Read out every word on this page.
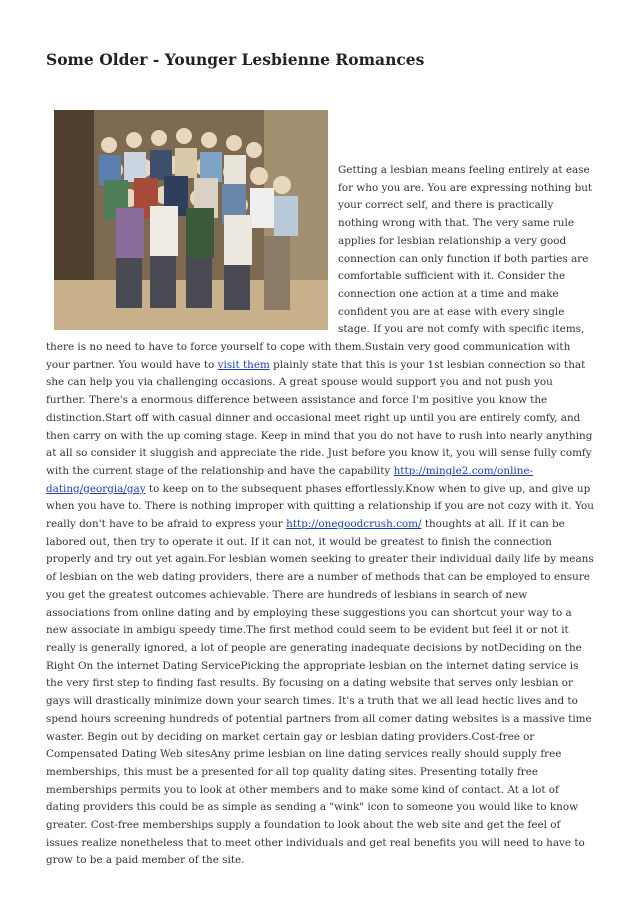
Some Older - Younger Lesbienne Romances
Getting a lesbian means feeling entirely at ease for who you are. You are expressing nothing but your correct self, and there is practically nothing wrong with that. The very same rule applies for lesbian relationship a very good connection can only function if both parties are comfortable sufficient with it. Consider the connection one action at a time and make confident you are at ease with every single stage. If you are not comfy with specific items, there is no need to have to force yourself to cope with them.Sustain very good communication with your partner. You would have to visit them plainly state that this is your 1st lesbian connection so that she can help you via challenging occasions. A great spouse would support you and not push you further. There's a enormous difference between assistance and force I'm positive you know the distinction.Start off with casual dinner and occasional meet right up until you are entirely comfy, and then carry on with the up coming stage. Keep in mind that you do not have to rush into nearly anything at all so consider it sluggish and appreciate the ride. Just before you know it, you will sense fully comfy with the current stage of the relationship and have the capability http://mingle2.com/online-dating/georgia/gay to keep on to the subsequent phases effortlessly.Know when to give up, and give up when you have to. There is nothing improper with quitting a relationship if you are not cozy with it. You really don't have to be afraid to express your http://onegoodcrush.com/ thoughts at all. If it can be labored out, then try to operate it out. If it can not, it would be greatest to finish the connection properly and try out yet again.For lesbian women seeking to greater their individual daily life by means of lesbian on the web dating providers, there are a number of methods that can be employed to ensure you get the greatest outcomes achievable. There are hundreds of lesbians in search of new associations from online dating and by employing these suggestions you can shortcut your way to a new associate in ambigu speedy time.The first method could seem to be evident but feel it or not it really is generally ignored, a lot of people are generating inadequate decisions by notDeciding on the Right On the internet Dating ServicePicking the appropriate lesbian on the internet dating service is the very first step to finding fast results. By focusing on a dating website that serves only lesbian or gays will drastically minimize down your search times. It's a truth that we all lead hectic lives and to spend hours screening hundreds of potential partners from all comer dating websites is a massive time waster. Begin out by deciding on market certain gay or lesbian dating providers.Cost-free or Compensated Dating Web sitesAny prime lesbian on line dating services really should supply free memberships, this must be a presented for all top quality dating sites. Presenting totally free memberships permits you to look at other members and to make some kind of contact. At a lot of dating providers this could be as simple as sending a "wink" icon to someone you would like to know greater. Cost-free memberships supply a foundation to look about the web site and get the feel of issues realize nonetheless that to meet other individuals and get real benefits you will need to have to grow to be a paid member of the site.
